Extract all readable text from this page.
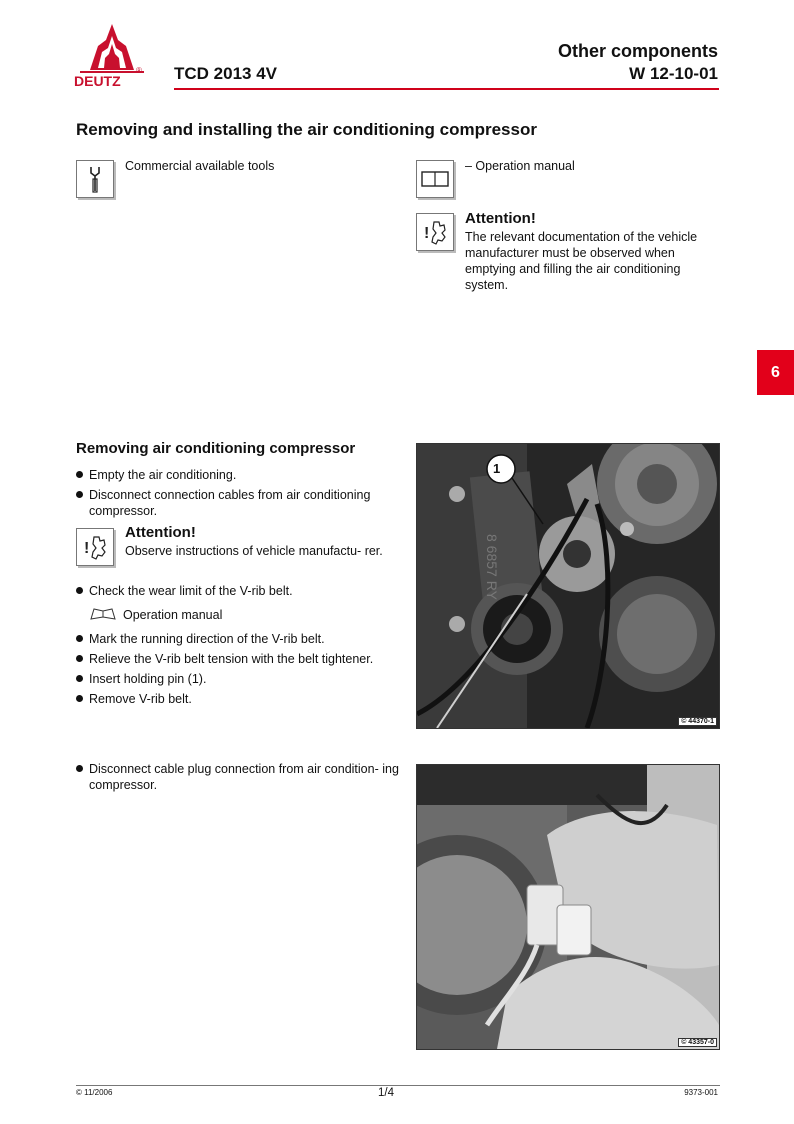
DEUTZ
® TCD 2013 4V
Other components
W 12-10-01
Removing and installing the air conditioning compressor
Commercial available tools	– Operation manual
!
Attention!
The relevant documentation of the vehicle manufacturer must be observed when emptying and filling the air conditioning system.
6
Removing air conditioning compressor
Empty the air conditioning.
Disconnect connection cables from air conditioning compressor.
!
Attention!
Observe instructions of vehicle manufactu- rer.
Check the wear limit of the V-rib belt.
Operation manual
Mark the running direction of the V-rib belt.
Relieve the V-rib belt tension with the belt tightener.
Insert holding pin (1).
Remove V-rib belt.
Disconnect cable plug connection from air condition- ing compressor.
8 6857 RY
1
© 44370-1
© 43357-0
© 11/2006	1/4	9373-001
